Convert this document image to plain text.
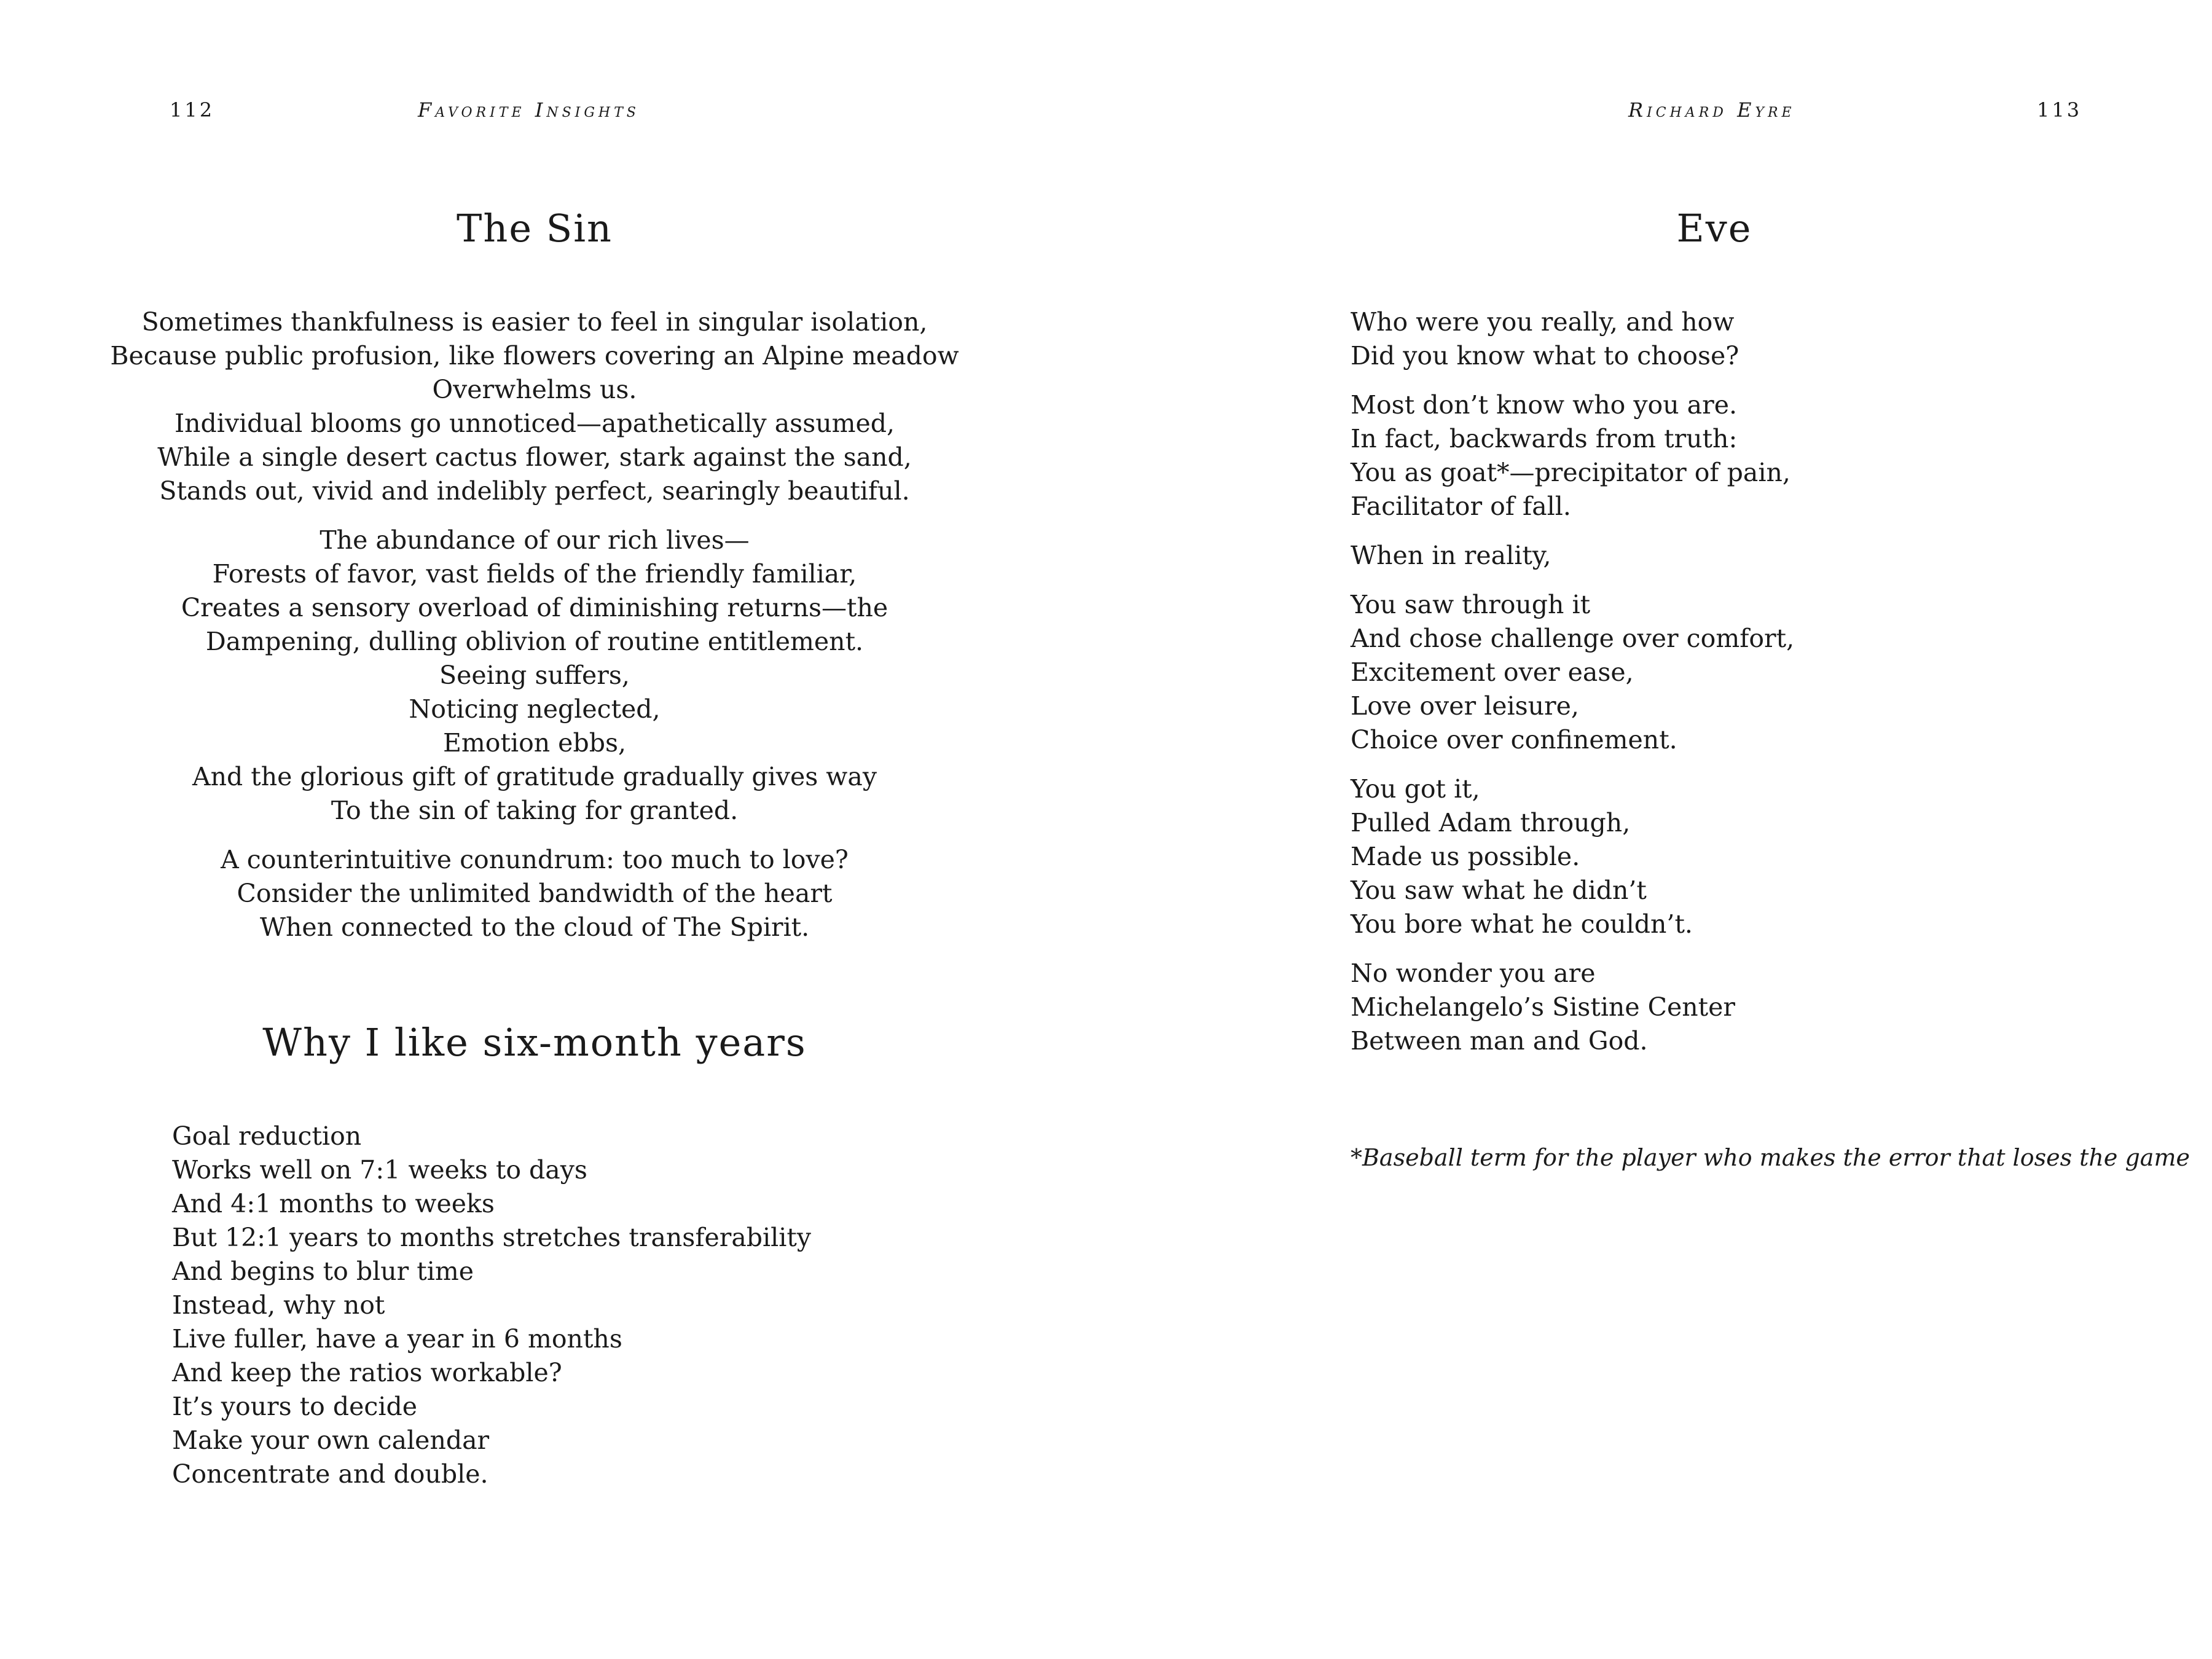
112	Favorite Insights
The Sin
Sometimes thankfulness is easier to feel in singular isolation,
Because public profusion, like flowers covering an Alpine meadow
Overwhelms us.
Individual blooms go unnoticed—apathetically assumed,
While a single desert cactus flower, stark against the sand,
Stands out, vivid and indelibly perfect, searingly beautiful.
The abundance of our rich lives—
Forests of favor, vast fields of the friendly familiar,
Creates a sensory overload of diminishing returns—the
Dampening, dulling oblivion of routine entitlement.
Seeing suffers,
Noticing neglected,
Emotion ebbs,
And the glorious gift of gratitude gradually gives way
To the sin of taking for granted.
A counterintuitive conundrum: too much to love?
Consider the unlimited bandwidth of the heart
When connected to the cloud of The Spirit.
Why I like six-month years
Goal reduction
Works well on 7:1 weeks to days
And 4:1 months to weeks
But 12:1 years to months stretches transferability
And begins to blur time
Instead, why not
Live fuller, have a year in 6 months
And keep the ratios workable?
It’s yours to decide
Make your own calendar
Concentrate and double.
Richard Eyre	113
Eve
Who were you really, and how
Did you know what to choose?
Most don’t know who you are.
In fact, backwards from truth:
You as goat*—precipitator of pain,
Facilitator of fall.
When in reality,
You saw through it
And chose challenge over comfort,
Excitement over ease,
Love over leisure,
Choice over confinement.
You got it,
Pulled Adam through,
Made us possible.
You saw what he didn’t
You bore what he couldn’t.
No wonder you are
Michelangelo’s Sistine Center
Between man and God.
*Baseball term for the player who makes the error that loses the game
